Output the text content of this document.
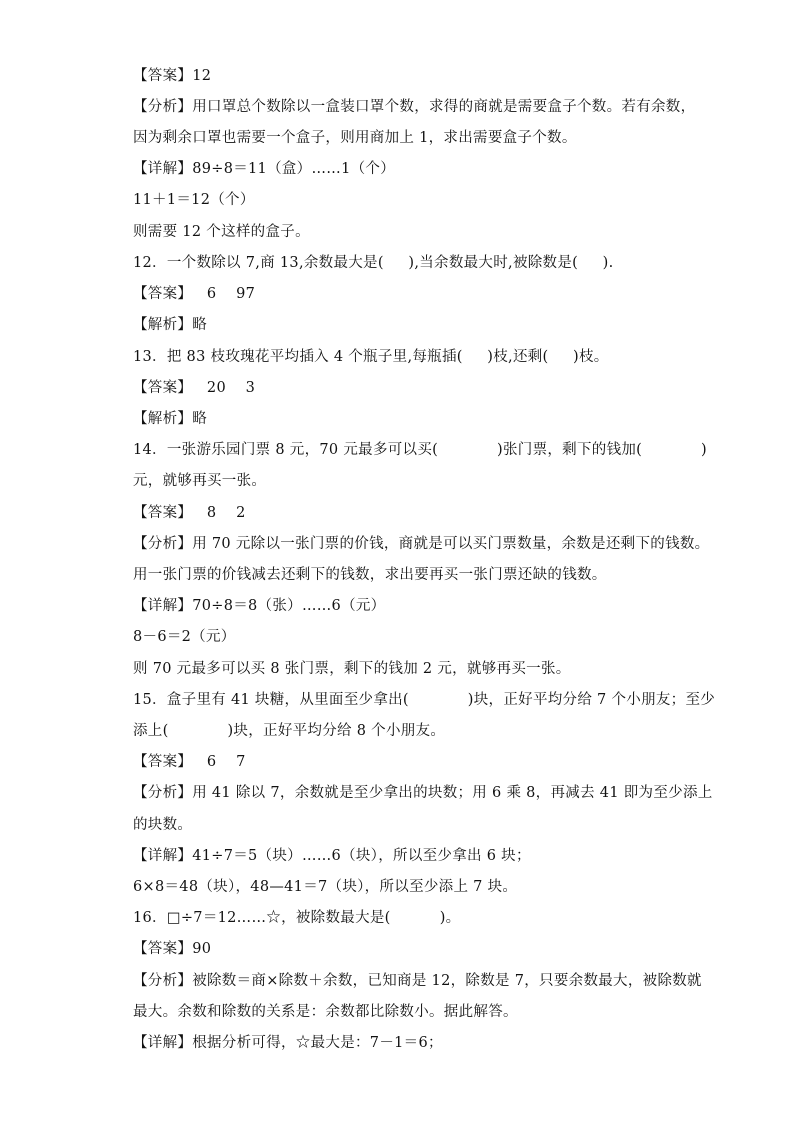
【答案】12
【分析】用口罩总个数除以一盒装口罩个数，求得的商就是需要盒子个数。若有余数，
因为剩余口罩也需要一个盒子，则用商加上 1，求出需要盒子个数。
【详解】89÷8＝11（盒）……1（个）
11＋1＝12（个）
则需要 12 个这样的盒子。
12．一个数除以 7,商 13,余数最大是(     ),当余数最大时,被除数是(     ).
【答案】   6    97
【解析】略
13．把 83 枝玫瑰花平均插入 4 个瓶子里,每瓶插(     )枝,还剩(     )枝。
【答案】   20    3
【解析】略
14．一张游乐园门票 8 元，70 元最多可以买(            )张门票，剩下的钱加(            )
元，就够再买一张。
【答案】   8    2
【分析】用 70 元除以一张门票的价钱，商就是可以买门票数量，余数是还剩下的钱数。
用一张门票的价钱减去还剩下的钱数，求出要再买一张门票还缺的钱数。
【详解】70÷8＝8（张）……6（元）
8－6＝2（元）
则 70 元最多可以买 8 张门票，剩下的钱加 2 元，就够再买一张。
15．盒子里有 41 块糖，从里面至少拿出(            )块，正好平均分给 7 个小朋友；至少
添上(            )块，正好平均分给 8 个小朋友。
【答案】   6    7
【分析】用 41 除以 7，余数就是至少拿出的块数；用 6 乘 8，再减去 41 即为至少添上
的块数。
【详解】41÷7＝5（块）……6（块），所以至少拿出 6 块；
6×8＝48（块），48—41＝7（块），所以至少添上 7 块。
16．□÷7＝12……☆，被除数最大是(          )。
【答案】90
【分析】被除数＝商×除数＋余数，已知商是 12，除数是 7，只要余数最大，被除数就
最大。余数和除数的关系是：余数都比除数小。据此解答。
【详解】根据分析可得，☆最大是：7－1＝6；
